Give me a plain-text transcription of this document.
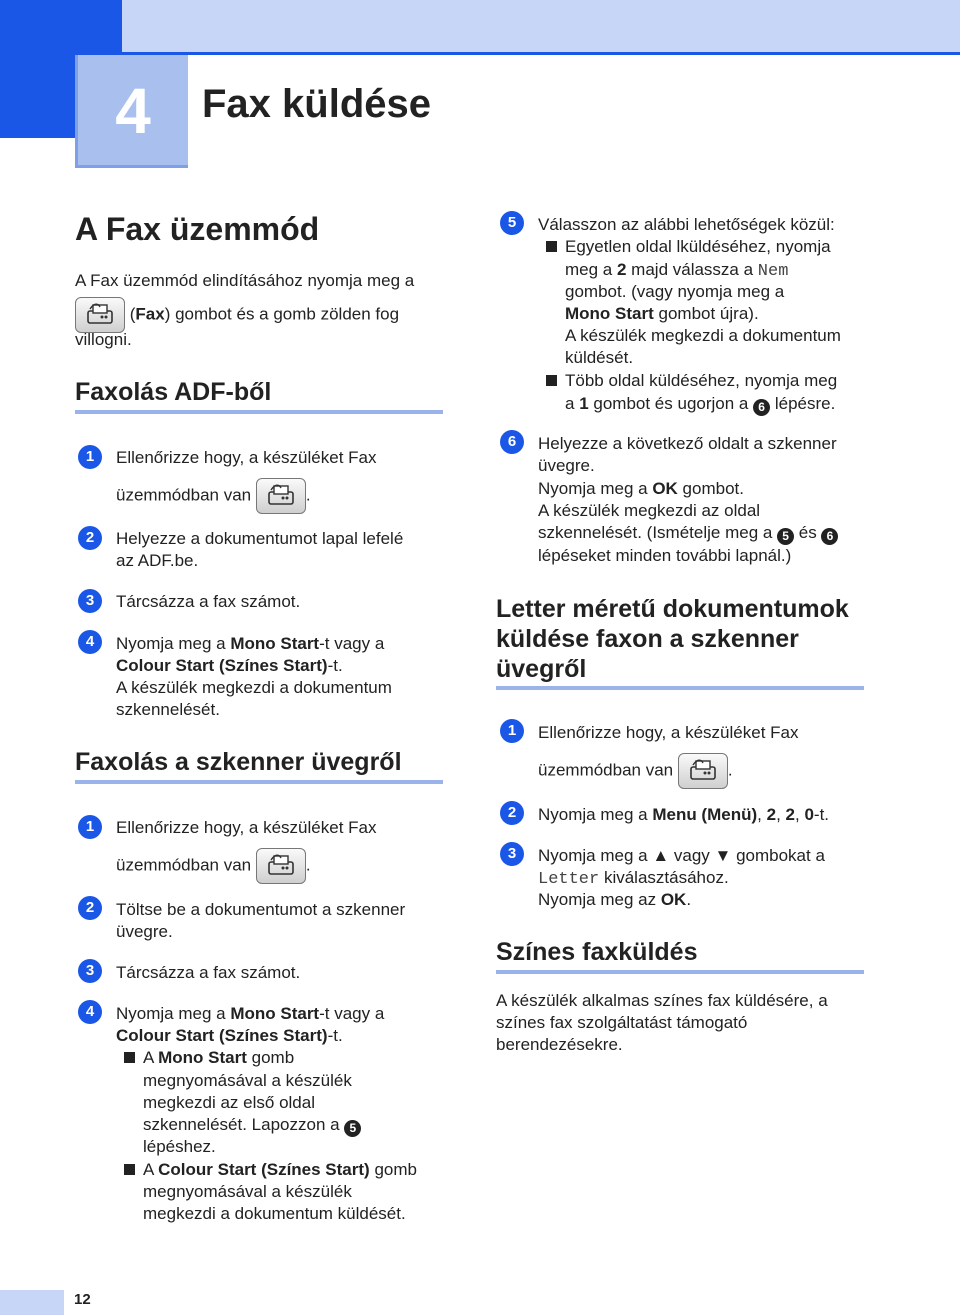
4	Fax küldése
A Fax üzemmód
A Fax üzemmód elindításához nyomja meg a
(Fax) gombot és a gomb zölden fog
villogni.
Faxolás ADF-ből
1	Ellenőrizze hogy, a készüléket Fax
üzemmódban van	.
2	Helyezze a dokumentumot lapal lefelé
az ADF.be.
3	Tárcsázza a fax számot.
4	Nyomja meg a Mono Start-t vagy a
Colour Start (Színes Start)-t.
A készülék megkezdi a dokumentum
szkennelését.
Faxolás a szkenner üvegről
1	Ellenőrizze hogy, a készüléket Fax
üzemmódban van	.
2	Töltse be a dokumentumot a szkenner
üvegre.
3	Tárcsázza a fax számot.
4	Nyomja meg a Mono Start-t vagy a
Colour Start (Színes Start)-t.
A Mono Start gomb
megnyomásával a készülék
megkezdi az első oldal
szkennelését. Lapozzon a 5
lépéshez.
A Colour Start (Színes Start) gomb
megnyomásával a készülék
megkezdi a dokumentum küldését.
5	Válasszon az alábbi lehetőségek közül:
Egyetlen oldal lküldéséhez, nyomja
meg a 2 majd válassza a Nem
gombot. (vagy nyomja meg a
Mono Start gombot újra).
A készülék megkezdi a dokumentum
küldését.
Több oldal küldéséhez, nyomja meg
a 1 gombot és ugorjon a 6 lépésre.
6	Helyezze a következő oldalt a szkenner
üvegre.
Nyomja meg a OK gombot.
A készülék megkezdi az oldal
szkennelését. (Ismételje meg a 5 és 6
lépéseket minden további lapnál.)
Letter méretű dokumentumok
küldése faxon a szkenner
üvegről
1	Ellenőrizze hogy, a készüléket Fax
üzemmódban van	.
2	Nyomja meg a Menu (Menü), 2, 2, 0-t.
3	Nyomja meg a ▲ vagy ▼ gombokat a
Letter kiválasztásához.
Nyomja meg az OK.
Színes faxküldés
A készülék alkalmas színes fax küldésére, a
színes fax szolgáltatást támogató
berendezésekre.
12
